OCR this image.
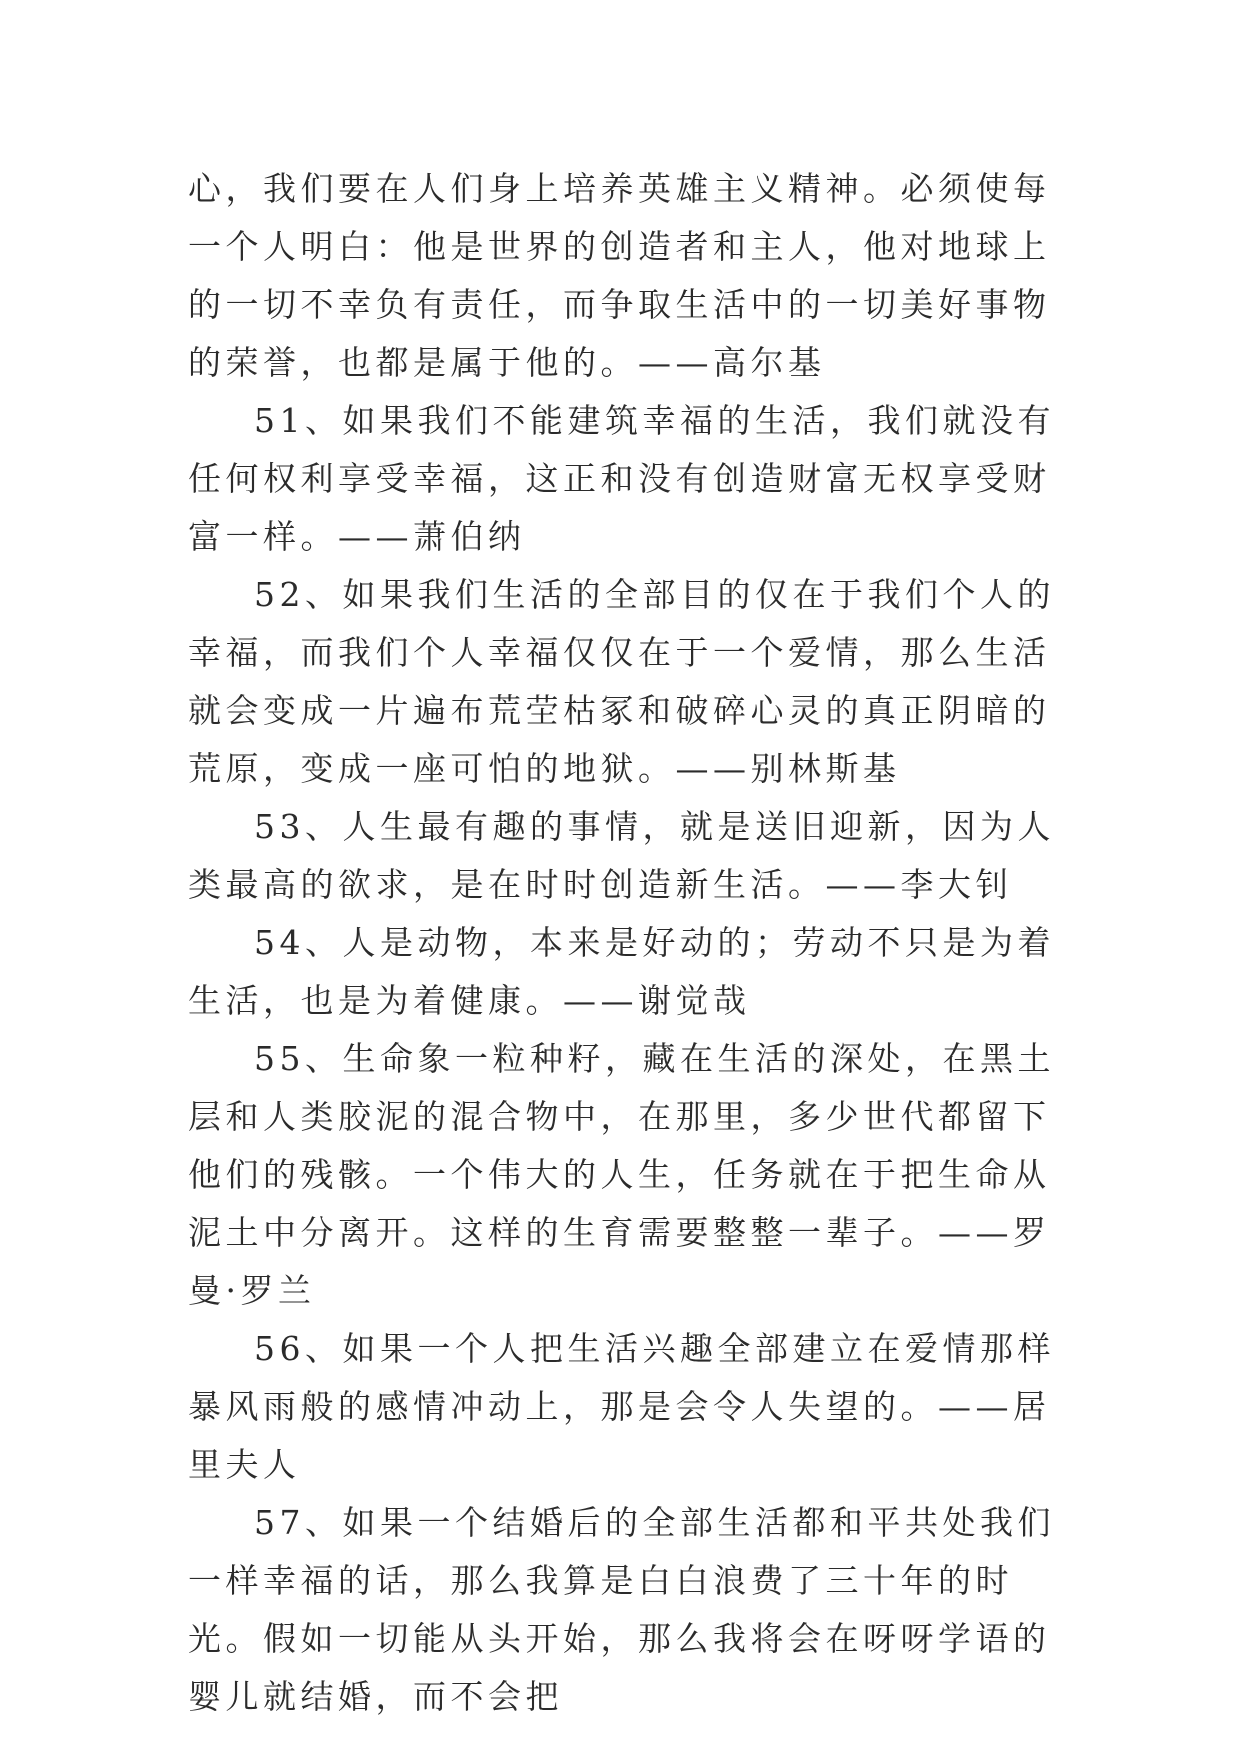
心，我们要在人们身上培养英雄主义精神。必须使每一个人明白：他是世界的创造者和主人，他对地球上的一切不幸负有责任，而争取生活中的一切美好事物的荣誉，也都是属于他的。——高尔基

51、如果我们不能建筑幸福的生活，我们就没有任何权利享受幸福，这正和没有创造财富无权享受财富一样。——萧伯纳

52、如果我们生活的全部目的仅在于我们个人的幸福，而我们个人幸福仅仅在于一个爱情，那么生活就会变成一片遍布荒茔枯冢和破碎心灵的真正阴暗的荒原，变成一座可怕的地狱。——别林斯基

53、人生最有趣的事情，就是送旧迎新，因为人类最高的欲求，是在时时创造新生活。——李大钊

54、人是动物，本来是好动的；劳动不只是为着生活，也是为着健康。——谢觉哉

55、生命象一粒种籽，藏在生活的深处，在黑土层和人类胶泥的混合物中，在那里，多少世代都留下他们的残骸。一个伟大的人生，任务就在于把生命从泥土中分离开。这样的生育需要整整一辈子。——罗曼·罗兰

56、如果一个人把生活兴趣全部建立在爱情那样暴风雨般的感情冲动上，那是会令人失望的。——居里夫人

57、如果一个结婚后的全部生活都和平共处我们一样幸福的话，那么我算是白白浪费了三十年的时光。假如一切能从头开始，那么我将会在呀呀学语的婴儿就结婚，而不会把
